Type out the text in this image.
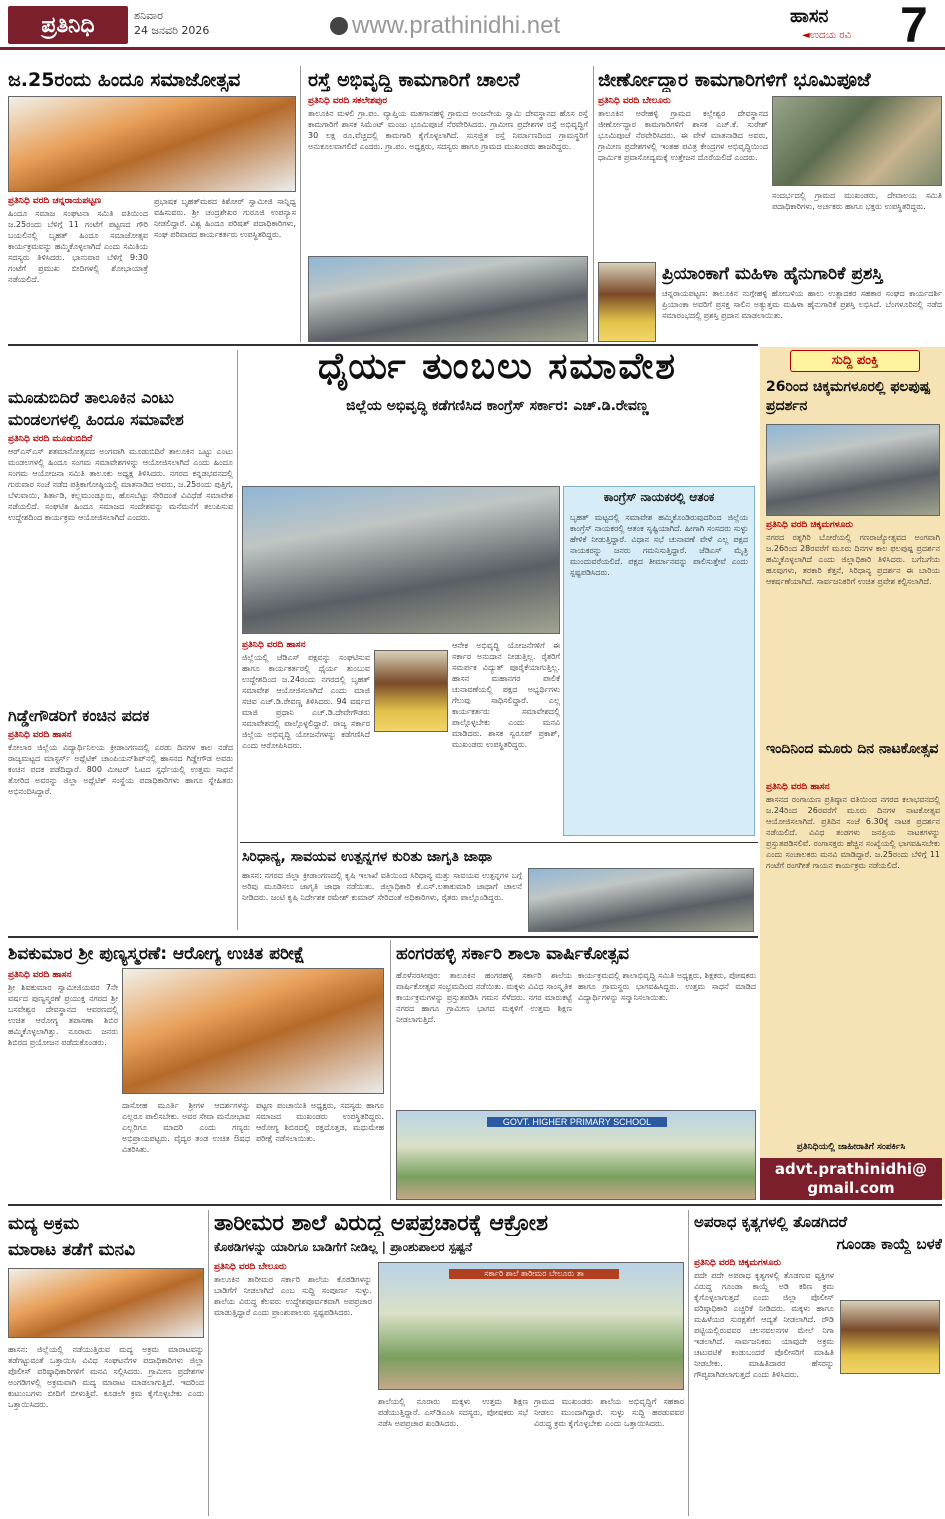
ಪ್ರತಿನಿಧಿ	ಶನಿವಾರ
24 ಜನವರಿ 2026	www.prathinidhi.net	ಹಾಸನ
◄ಉದಯ ರವಿ 7
ಜ.25ರಂದು ಹಿಂದೂ ಸಮಾಜೋತ್ಸವ
ಪ್ರತಿನಿಧಿ ವರದಿ ಚನ್ನರಾಯಪಟ್ಟಣ
ಹಿಂದೂ ಸಮಾಜ ಸಂಘಟನಾ ಸಮಿತಿ ವತಿಯಿಂದ ಜ.25ರಂದು ಬೆಳಿಗ್ಗೆ 11 ಗಂಟೆಗೆ ಪಟ್ಟಣದ ಗೌರಿ ಬಯಲಿನಲ್ಲಿ ಬೃಹತ್ ಹಿಂದೂ ಸಮಾಜೋತ್ಸವ ಕಾರ್ಯಕ್ರಮವನ್ನು ಹಮ್ಮಿಕೊಳ್ಳಲಾಗಿದೆ ಎಂದು ಸಮಿತಿಯ ಸದಸ್ಯರು ತಿಳಿಸಿದರು. ಭಾನುವಾರ ಬೆಳಿಗ್ಗೆ 9:30 ಗಂಟೆಗೆ ಪ್ರಮುಖ ಬೀದಿಗಳಲ್ಲಿ ಶೋಭಾಯಾತ್ರೆ ನಡೆಯಲಿದೆ.
ಪ್ರಭಾಷಕ ಬೃಹತ್‌ಮಠದ ಕಿಶೋರ್ ಸ್ವಾಮೀಜಿ ಸಾನ್ನಿಧ್ಯ ವಹಿಸುವರು. ಶ್ರೀ ಚಂದ್ರಶೇಖರ ಗುರೂಜಿ ಉಪನ್ಯಾಸ ನೀಡಲಿದ್ದಾರೆ. ವಿಶ್ವ ಹಿಂದೂ ಪರಿಷತ್ ಪದಾಧಿಕಾರಿಗಳು, ಸಂಘ ಪರಿವಾರದ ಕಾರ್ಯಕರ್ತರು ಉಪಸ್ಥಿತರಿದ್ದರು.
ರಸ್ತೆ ಅಭಿವೃದ್ಧಿ ಕಾಮಗಾರಿಗೆ ಚಾಲನೆ
ಪ್ರತಿನಿಧಿ ವರದಿ ಸಕಲೇಶಪುರ
ತಾಲೂಕಿನ ಮಳಲಿ ಗ್ರಾ.ಪಂ. ವ್ಯಾಪ್ತಿಯ ಮತಗಾನಹಳ್ಳಿ ಗ್ರಾಮದ ಅಂಜನೇಯ ಸ್ವಾಮಿ ದೇವಸ್ಥಾನದ ಹೊಸ ರಸ್ತೆ ಕಾಮಗಾರಿಗೆ ಶಾಸಕ ಸಿಮೆಂಟ್ ಮಂಜು ಭೂಮಿಪೂಜೆ ನೆರವೇರಿಸಿದರು. ಗ್ರಾಮೀಣ ಪ್ರದೇಶಗಳ ರಸ್ತೆ ಅಭಿವೃದ್ಧಿಗೆ 30 ಲಕ್ಷ ರೂ.ವೆಚ್ಚದಲ್ಲಿ ಕಾಮಗಾರಿ ಕೈಗೊಳ್ಳಲಾಗಿದೆ. ಸುಸಜ್ಜಿತ ರಸ್ತೆ ನಿರ್ಮಾಣದಿಂದ ಗ್ರಾಮಸ್ಥರಿಗೆ ಅನುಕೂಲವಾಗಲಿದೆ ಎಂದರು. ಗ್ರಾ.ಪಂ. ಅಧ್ಯಕ್ಷರು, ಸದಸ್ಯರು ಹಾಗೂ ಗ್ರಾಮದ ಮುಖಂಡರು ಹಾಜರಿದ್ದರು.
ಜೀರ್ಣೋದ್ಧಾರ ಕಾಮಗಾರಿಗಳಿಗೆ ಭೂಮಿಪೂಜೆ
ಪ್ರತಿನಿಧಿ ವರದಿ ಬೇಲೂರು
ತಾಲೂಕಿನ ಅರೇಹಳ್ಳಿ ಗ್ರಾಮದ ಕಲ್ಲೇಶ್ವರ ದೇವಸ್ಥಾನದ ಜೀರ್ಣೋದ್ಧಾರ ಕಾಮಗಾರಿಗಳಿಗೆ ಶಾಸಕ ಎಚ್.ಕೆ. ಸುರೇಶ್ ಭೂಮಿಪೂಜೆ ನೆರವೇರಿಸಿದರು. ಈ ವೇಳೆ ಮಾತನಾಡಿದ ಅವರು, ಗ್ರಾಮೀಣ ಪ್ರದೇಶಗಳಲ್ಲಿ ಇಂತಹ ಪವಿತ್ರ ಕೇಂದ್ರಗಳ ಅಭಿವೃದ್ಧಿಯಿಂದ ಧಾರ್ಮಿಕ ಪ್ರವಾಸೋದ್ಯಮಕ್ಕೆ ಉತ್ತೇಜನ ದೊರೆಯಲಿದೆ ಎಂದರು.
ಸಂದರ್ಭದಲ್ಲಿ ಗ್ರಾಮದ ಮುಖಂಡರು, ದೇವಾಲಯ ಸಮಿತಿ ಪದಾಧಿಕಾರಿಗಳು, ಅರ್ಚಕರು ಹಾಗೂ ಭಕ್ತರು ಉಪಸ್ಥಿತರಿದ್ದರು.
ಪ್ರಿಯಾಂಕಾಗೆ ಮಹಿಳಾ ಹೈನುಗಾರಿಕೆ ಪ್ರಶಸ್ತಿ
ಚನ್ನರಾಯಪಟ್ಟಣ: ತಾಲೂಕಿನ ನುಗ್ಗೇಹಳ್ಳಿ ಹೋಬಳಿಯ ಹಾಲು ಉತ್ಪಾದಕರ ಸಹಕಾರ ಸಂಘದ ಕಾರ್ಯದರ್ಶಿ ಪ್ರಿಯಾಂಕಾ ಅವರಿಗೆ ಪ್ರಸಕ್ತ ಸಾಲಿನ ಅತ್ಯುತ್ತಮ ಮಹಿಳಾ ಹೈನುಗಾರಿಕೆ ಪ್ರಶಸ್ತಿ ಲಭಿಸಿದೆ. ಬೆಂಗಳೂರಿನಲ್ಲಿ ನಡೆದ ಸಮಾರಂಭದಲ್ಲಿ ಪ್ರಶಸ್ತಿ ಪ್ರದಾನ ಮಾಡಲಾಯಿತು.
ಮೂಡುಬಿದಿರೆ ತಾಲೂಕಿನ ಎಂಟು
ಮಂಡಲಗಳಲ್ಲಿ ಹಿಂದೂ ಸಮಾವೇಶ
ಪ್ರತಿನಿಧಿ ವರದಿ ಮೂಡುಬಿದಿರೆ
ಆರ್‌ಎಸ್‌ಎಸ್ ಶತಮಾನೋತ್ಸವದ ಅಂಗವಾಗಿ ಮೂಡುಬಿದಿರೆ ತಾಲೂಕಿನ ಒಟ್ಟು ಎಂಟು ಮಂಡಲಗಳಲ್ಲಿ ಹಿಂದೂ ಸಂಗಮ ಸಮಾವೇಶಗಳನ್ನು ಆಯೋಜಿಸಲಾಗಿದೆ ಎಂದು ಹಿಂದೂ ಸಂಗಮ ಆಯೋಜನಾ ಸಮಿತಿ ತಾಲೂಕು ಅಧ್ಯಕ್ಷ ತಿಳಿಸಿದರು. ನಗರದ ಕನ್ನಡಭವನದಲ್ಲಿ ಗುರುವಾರ ಸಂಜೆ ನಡೆದ ಪತ್ರಿಕಾಗೋಷ್ಠಿಯಲ್ಲಿ ಮಾತನಾಡಿದ ಅವರು, ಜ.25ರಂದು ಪುತ್ತಿಗೆ, ಬೆಳುವಾಯಿ, ಶಿರ್ತಾಡಿ, ಕಲ್ಲಮುಂಡ್ಕೂರು, ಹೊಸಬೆಟ್ಟು ಸೇರಿದಂತೆ ವಿವಿಧೆಡೆ ಸಮಾವೇಶ ನಡೆಯಲಿದೆ. ಸಂಘಟಿತ ಹಿಂದೂ ಸಮಾಜದ ಸಂದೇಶವನ್ನು ಮನೆಮನೆಗೆ ತಲುಪಿಸುವ ಉದ್ದೇಶದಿಂದ ಕಾರ್ಯಕ್ರಮ ಆಯೋಜಿಸಲಾಗಿದೆ ಎಂದರು.
ಗಿಡ್ಡೇಗೌಡರಿಗೆ ಕಂಚಿನ ಪದಕ
ಪ್ರತಿನಿಧಿ ವರದಿ ಹಾಸನ
ಕೋಲಾರ ಜಿಲ್ಲೆಯ ವಿದ್ಯಾರ್ಥಿನಿಲಯ ಕ್ರೀಡಾಂಗಣದಲ್ಲಿ ಎರಡು ದಿನಗಳ ಕಾಲ ನಡೆದ ರಾಜ್ಯಮಟ್ಟದ ಮಾಸ್ಟರ್ಸ್ ಅಥ್ಲೆಟಿಕ್ ಚಾಂಪಿಯನ್‌ಶಿಪ್‌ನಲ್ಲಿ ಹಾಸನದ ಗಿಡ್ಡೇಗೌಡ ಅವರು ಕಂಚಿನ ಪದಕ ಪಡೆದಿದ್ದಾರೆ. 800 ಮೀಟರ್ ಓಟದ ಸ್ಪರ್ಧೆಯಲ್ಲಿ ಉತ್ತಮ ಸಾಧನೆ ತೋರಿದ ಅವರನ್ನು ಜಿಲ್ಲಾ ಅಥ್ಲೆಟಿಕ್ ಸಂಸ್ಥೆಯ ಪದಾಧಿಕಾರಿಗಳು ಹಾಗೂ ಸ್ನೇಹಿತರು ಅಭಿನಂದಿಸಿದ್ದಾರೆ.
ಧೈರ್ಯ ತುಂಬಲು ಸಮಾವೇಶ
ಜಿಲ್ಲೆಯ ಅಭಿವೃದ್ಧಿ ಕಡೆಗಣಿಸಿದ ಕಾಂಗ್ರೆಸ್ ಸರ್ಕಾರ: ಎಚ್.ಡಿ.ರೇವಣ್ಣ
ಪ್ರತಿನಿಧಿ ವರದಿ ಹಾಸನ
ಜಿಲ್ಲೆಯಲ್ಲಿ ಜೆಡಿಎಸ್ ಪಕ್ಷವನ್ನು ಸಂಘಟಿಸುವ ಹಾಗೂ ಕಾರ್ಯಕರ್ತರಲ್ಲಿ ಧೈರ್ಯ ತುಂಬುವ ಉದ್ದೇಶದಿಂದ ಜ.24ರಂದು ನಗರದಲ್ಲಿ ಬೃಹತ್ ಸಮಾವೇಶ ಆಯೋಜಿಸಲಾಗಿದೆ ಎಂದು ಮಾಜಿ ಸಚಿವ ಎಚ್.ಡಿ.ರೇವಣ್ಣ ತಿಳಿಸಿದರು. 94 ವರ್ಷದ ಮಾಜಿ ಪ್ರಧಾನಿ ಎಚ್.ಡಿ.ದೇವೇಗೌಡರು ಸಮಾವೇಶದಲ್ಲಿ ಪಾಲ್ಗೊಳ್ಳಲಿದ್ದಾರೆ. ರಾಜ್ಯ ಸರ್ಕಾರ ಜಿಲ್ಲೆಯ ಅಭಿವೃದ್ಧಿ ಯೋಜನೆಗಳನ್ನು ಕಡೆಗಣಿಸಿದೆ ಎಂದು ಆರೋಪಿಸಿದರು.
ಆನೇಕ ಅಭಿವೃದ್ಧಿ ಯೋಜನೆಗಳಿಗೆ ಈ ಸರ್ಕಾರ ಅನುದಾನ ನೀಡುತ್ತಿಲ್ಲ. ರೈತರಿಗೆ ಸಮರ್ಪಕ ವಿದ್ಯುತ್ ಪೂರೈಕೆಯಾಗುತ್ತಿಲ್ಲ. ಹಾಸನ ಮಹಾನಗರ ಪಾಲಿಕೆ ಚುನಾವಣೆಯಲ್ಲಿ ಪಕ್ಷದ ಅಭ್ಯರ್ಥಿಗಳು ಗೆಲುವು ಸಾಧಿಸಲಿದ್ದಾರೆ. ಎಲ್ಲ ಕಾರ್ಯಕರ್ತರು ಸಮಾವೇಶದಲ್ಲಿ ಪಾಲ್ಗೊಳ್ಳಬೇಕು ಎಂದು ಮನವಿ ಮಾಡಿದರು. ಶಾಸಕ ಸ್ವರೂಪ್ ಪ್ರಕಾಶ್, ಮುಖಂಡರು ಉಪಸ್ಥಿತರಿದ್ದರು.
ಕಾಂಗ್ರೆಸ್ ನಾಯಕರಲ್ಲಿ ಆತಂಕ
ಬೃಹತ್ ಮಟ್ಟದಲ್ಲಿ ಸಮಾವೇಶ ಹಮ್ಮಿಕೊಂಡಿರುವುದರಿಂದ ಜಿಲ್ಲೆಯ ಕಾಂಗ್ರೆಸ್ ನಾಯಕರಲ್ಲಿ ಆತಂಕ ಸೃಷ್ಟಿಯಾಗಿದೆ. ಹೀಗಾಗಿ ಸಂಸದರು ಸುಳ್ಳು ಹೇಳಿಕೆ ನೀಡುತ್ತಿದ್ದಾರೆ. ವಿಧಾನ ಸಭೆ ಚುನಾವಣೆ ವೇಳೆ ಎಲ್ಲ ಪಕ್ಷದ ನಾಯಕರನ್ನು ಜನರು ಗಮನಿಸುತ್ತಿದ್ದಾರೆ. ಜೆಡಿಎಸ್ ಮೈತ್ರಿ ಮುಂದುವರೆಯಲಿದೆ. ಪಕ್ಷದ ತೀರ್ಮಾನವನ್ನು ಪಾಲಿಸುತ್ತೇವೆ ಎಂದು ಸ್ಪಷ್ಟಪಡಿಸಿದರು.
ಸಿರಿಧಾನ್ಯ, ಸಾವಯವ ಉತ್ಪನ್ನಗಳ ಕುರಿತು ಜಾಗೃತಿ ಜಾಥಾ
ಹಾಸನ: ನಗರದ ಜಿಲ್ಲಾ ಕ್ರೀಡಾಂಗಣದಲ್ಲಿ ಕೃಷಿ ಇಲಾಖೆ ವತಿಯಿಂದ ಸಿರಿಧಾನ್ಯ ಮತ್ತು ಸಾವಯವ ಉತ್ಪನ್ನಗಳ ಬಗ್ಗೆ ಅರಿವು ಮೂಡಿಸಲು ಜಾಗೃತಿ ಜಾಥಾ ನಡೆಯಿತು. ಜಿಲ್ಲಾಧಿಕಾರಿ ಕೆ.ಎಸ್.ಲತಾಕುಮಾರಿ ಜಾಥಾಗೆ ಚಾಲನೆ ನೀಡಿದರು. ಜಂಟಿ ಕೃಷಿ ನಿರ್ದೇಶಕ ರಮೇಶ್ ಕುಮಾರ್ ಸೇರಿದಂತೆ ಅಧಿಕಾರಿಗಳು, ರೈತರು ಪಾಲ್ಗೊಂಡಿದ್ದರು.
ಶಿವಕುಮಾರ ಶ್ರೀ ಪುಣ್ಯಸ್ಮರಣೆ: ಆರೋಗ್ಯ ಉಚಿತ ಪರೀಕ್ಷೆ
ಪ್ರತಿನಿಧಿ ವರದಿ ಹಾಸನ
ಶ್ರೀ ಶಿವಕುಮಾರ ಸ್ವಾಮೀಜಿಯವರ 7ನೇ ವರ್ಷದ ಪುಣ್ಯಸ್ಮರಣೆ ಪ್ರಯುಕ್ತ ನಗರದ ಶ್ರೀ ಬಸವೇಶ್ವರ ದೇವಸ್ಥಾನದ ಆವರಣದಲ್ಲಿ ಉಚಿತ ಆರೋಗ್ಯ ತಪಾಸಣಾ ಶಿಬಿರ ಹಮ್ಮಿಕೊಳ್ಳಲಾಗಿತ್ತು. ನೂರಾರು ಜನರು ಶಿಬಿರದ ಪ್ರಯೋಜನ ಪಡೆದುಕೊಂಡರು.
ದಾಸೋಹ ಮೂರ್ತಿ ಶ್ರೀಗಳ ಆದರ್ಶಗಳನ್ನು ಎಲ್ಲರೂ ಪಾಲಿಸಬೇಕು. ಅವರ ಸೇವಾ ಮನೋಭಾವ ಎಲ್ಲರಿಗೂ ಮಾದರಿ ಎಂದು ಗಣ್ಯರು ಅಭಿಪ್ರಾಯಪಟ್ಟರು. ವೈದ್ಯರ ತಂಡ ಉಚಿತ ಔಷಧ ವಿತರಿಸಿತು.
ಪಟ್ಟಣ ಪಂಚಾಯಿತಿ ಅಧ್ಯಕ್ಷರು, ಸದಸ್ಯರು ಹಾಗೂ ಸಮಾಜದ ಮುಖಂಡರು ಉಪಸ್ಥಿತರಿದ್ದರು. ಆರೋಗ್ಯ ಶಿಬಿರದಲ್ಲಿ ರಕ್ತದೊತ್ತಡ, ಮಧುಮೇಹ ಪರೀಕ್ಷೆ ನಡೆಸಲಾಯಿತು.
ಹಂಗರಹಳ್ಳಿ ಸರ್ಕಾರಿ ಶಾಲಾ ವಾರ್ಷಿಕೋತ್ಸವ
ಹೊಳೆನರಸೀಪುರ: ತಾಲೂಕಿನ ಹಂಗರಹಳ್ಳಿ ಸರ್ಕಾರಿ ಶಾಲೆಯ ವಾರ್ಷಿಕೋತ್ಸವ ಸಂಭ್ರಮದಿಂದ ನಡೆಯಿತು. ಮಕ್ಕಳು ವಿವಿಧ ಸಾಂಸ್ಕೃತಿಕ ಕಾರ್ಯಕ್ರಮಗಳನ್ನು ಪ್ರಸ್ತುತಪಡಿಸಿ ಗಮನ ಸೆಳೆದರು. ನಗರ ಮಾರುಕಟ್ಟೆ ನಗರದ ಹಾಗೂ ಗ್ರಾಮೀಣ ಭಾಗದ ಮಕ್ಕಳಿಗೆ ಉತ್ತಮ ಶಿಕ್ಷಣ ನೀಡಲಾಗುತ್ತಿದೆ.
ಕಾರ್ಯಕ್ರಮದಲ್ಲಿ ಶಾಲಾಭಿವೃದ್ಧಿ ಸಮಿತಿ ಅಧ್ಯಕ್ಷರು, ಶಿಕ್ಷಕರು, ಪೋಷಕರು ಹಾಗೂ ಗ್ರಾಮಸ್ಥರು ಭಾಗವಹಿಸಿದ್ದರು. ಉತ್ತಮ ಸಾಧನೆ ಮಾಡಿದ ವಿದ್ಯಾರ್ಥಿಗಳನ್ನು ಸನ್ಮಾನಿಸಲಾಯಿತು.
GOVT. HIGHER PRIMARY SCHOOL
ಸುದ್ದಿ ಪಂಕ್ತಿ
26ರಿಂದ ಚಿಕ್ಕಮಗಳೂರಲ್ಲಿ ಫಲಪುಷ್ಪ ಪ್ರದರ್ಶನ
ಪ್ರತಿನಿಧಿ ವರದಿ ಚಿಕ್ಕಮಗಳೂರು
ನಗರದ ರತ್ನಗಿರಿ ಬೋರೆಯಲ್ಲಿ ಗಣರಾಜ್ಯೋತ್ಸವದ ಅಂಗವಾಗಿ ಜ.26ರಿಂದ 28ರವರೆಗೆ ಮೂರು ದಿನಗಳ ಕಾಲ ಫಲಪುಷ್ಪ ಪ್ರದರ್ಶನ ಹಮ್ಮಿಕೊಳ್ಳಲಾಗಿದೆ ಎಂದು ಜಿಲ್ಲಾಧಿಕಾರಿ ತಿಳಿಸಿದರು. ಬಗೆಬಗೆಯ ಹೂವುಗಳು, ತರಕಾರಿ ಕೆತ್ತನೆ, ಸಿರಿಧಾನ್ಯ ಪ್ರದರ್ಶನ ಈ ಬಾರಿಯ ಆಕರ್ಷಣೆಯಾಗಿದೆ. ಸಾರ್ವಜನಿಕರಿಗೆ ಉಚಿತ ಪ್ರವೇಶ ಕಲ್ಪಿಸಲಾಗಿದೆ.
ಇಂದಿನಿಂದ ಮೂರು ದಿನ ನಾಟಕೋತ್ಸವ
ಪ್ರತಿನಿಧಿ ವರದಿ ಹಾಸನ
ಹಾಸನದ ರಂಗಾಯಣ ಪ್ರತಿಷ್ಠಾನ ವತಿಯಿಂದ ನಗರದ ಕಲಾಭವನದಲ್ಲಿ ಜ.24ರಿಂದ 26ರವರೆಗೆ ಮೂರು ದಿನಗಳ ನಾಟಕೋತ್ಸವ ಆಯೋಜಿಸಲಾಗಿದೆ. ಪ್ರತಿದಿನ ಸಂಜೆ 6.30ಕ್ಕೆ ನಾಟಕ ಪ್ರದರ್ಶನ ನಡೆಯಲಿದೆ. ವಿವಿಧ ತಂಡಗಳು ಜನಪ್ರಿಯ ನಾಟಕಗಳನ್ನು ಪ್ರಸ್ತುತಪಡಿಸಲಿವೆ. ರಂಗಾಸಕ್ತರು ಹೆಚ್ಚಿನ ಸಂಖ್ಯೆಯಲ್ಲಿ ಭಾಗವಹಿಸಬೇಕು ಎಂದು ಸಂಚಾಲಕರು ಮನವಿ ಮಾಡಿದ್ದಾರೆ. ಜ.25ರಂದು ಬೆಳಿಗ್ಗೆ 11 ಗಂಟೆಗೆ ರಂಗಗೀತೆ ಗಾಯನ ಕಾರ್ಯಕ್ರಮ ನಡೆಯಲಿದೆ.
ಪ್ರತಿನಿಧಿಯಲ್ಲಿ ಜಾಹೀರಾತಿಗೆ ಸಂಪರ್ಕಿಸಿ
advt.prathinidhi@
gmail.com
ಮದ್ಯ ಅಕ್ರಮ
ಮಾರಾಟ ತಡೆಗೆ ಮನವಿ
ಹಾಸನ: ಜಿಲ್ಲೆಯಲ್ಲಿ ನಡೆಯುತ್ತಿರುವ ಮದ್ಯ ಅಕ್ರಮ ಮಾರಾಟವನ್ನು ತಡೆಗಟ್ಟುವಂತೆ ಒತ್ತಾಯಿಸಿ ವಿವಿಧ ಸಂಘಟನೆಗಳ ಪದಾಧಿಕಾರಿಗಳು ಜಿಲ್ಲಾ ಪೊಲೀಸ್ ವರಿಷ್ಠಾಧಿಕಾರಿಗಳಿಗೆ ಮನವಿ ಸಲ್ಲಿಸಿದರು. ಗ್ರಾಮೀಣ ಪ್ರದೇಶಗಳ ಅಂಗಡಿಗಳಲ್ಲಿ ಅಕ್ರಮವಾಗಿ ಮದ್ಯ ಮಾರಾಟ ಮಾಡಲಾಗುತ್ತಿದೆ. ಇದರಿಂದ ಕುಟುಂಬಗಳು ಬೀದಿಗೆ ಬೀಳುತ್ತಿವೆ. ಕೂಡಲೇ ಕ್ರಮ ಕೈಗೊಳ್ಳಬೇಕು ಎಂದು ಒತ್ತಾಯಿಸಿದರು.
ತಾರೀಮರ ಶಾಲೆ ವಿರುದ್ಧ ಅಪಪ್ರಚಾರಕ್ಕೆ ಆಕ್ರೋಶ
ಕೊಠಡಿಗಳನ್ನು ಯಾರಿಗೂ ಬಾಡಿಗೆಗೆ ನೀಡಿಲ್ಲ | ಪ್ರಾಂಶುಪಾಲರ ಸ್ಪಷ್ಟನೆ
ಪ್ರತಿನಿಧಿ ವರದಿ ಬೇಲೂರು
ತಾಲೂಕಿನ ತಾರೀಮರ ಸರ್ಕಾರಿ ಶಾಲೆಯ ಕೊಠಡಿಗಳನ್ನು ಬಾಡಿಗೆಗೆ ನೀಡಲಾಗಿದೆ ಎಂಬ ಸುದ್ದಿ ಸಂಪೂರ್ಣ ಸುಳ್ಳು. ಶಾಲೆಯ ವಿರುದ್ಧ ಕೆಲವರು ಉದ್ದೇಶಪೂರ್ವಕವಾಗಿ ಅಪಪ್ರಚಾರ ಮಾಡುತ್ತಿದ್ದಾರೆ ಎಂದು ಪ್ರಾಂಶುಪಾಲರು ಸ್ಪಷ್ಟಪಡಿಸಿದರು.
ಸರ್ಕಾರಿ ಶಾಲೆ ತಾರೀಮರ ಬೇಲೂರು ತಾ
ಶಾಲೆಯಲ್ಲಿ ನೂರಾರು ಮಕ್ಕಳು ಉತ್ತಮ ಶಿಕ್ಷಣ ಪಡೆಯುತ್ತಿದ್ದಾರೆ. ಎಸ್‌ಡಿಎಂಸಿ ಸದಸ್ಯರು, ಪೋಷಕರು ಸಭೆ ನಡೆಸಿ ಅಪಪ್ರಚಾರ ಖಂಡಿಸಿದರು.
ಗ್ರಾಮದ ಮುಖಂಡರು ಶಾಲೆಯ ಅಭಿವೃದ್ಧಿಗೆ ಸಹಕಾರ ನೀಡಲು ಮುಂದಾಗಿದ್ದಾರೆ. ಸುಳ್ಳು ಸುದ್ದಿ ಹರಡುವವರ ವಿರುದ್ಧ ಕ್ರಮ ಕೈಗೊಳ್ಳಬೇಕು ಎಂದು ಒತ್ತಾಯಿಸಿದರು.
ಅಪರಾಧ ಕೃತ್ಯಗಳಲ್ಲಿ ತೊಡಗಿದರೆ
ಗೂಂಡಾ ಕಾಯ್ದೆ ಬಳಕೆ
ಪ್ರತಿನಿಧಿ ವರದಿ ಚಿಕ್ಕಮಗಳೂರು
ಪದೇ ಪದೇ ಅಪರಾಧ ಕೃತ್ಯಗಳಲ್ಲಿ ತೊಡಗುವ ವ್ಯಕ್ತಿಗಳ ವಿರುದ್ಧ ಗೂಂಡಾ ಕಾಯ್ದೆ ಅಡಿ ಕಠಿಣ ಕ್ರಮ ಕೈಗೊಳ್ಳಲಾಗುತ್ತದೆ ಎಂದು ಜಿಲ್ಲಾ ಪೊಲೀಸ್ ವರಿಷ್ಠಾಧಿಕಾರಿ ಎಚ್ಚರಿಕೆ ನೀಡಿದರು. ಮಕ್ಕಳು ಹಾಗೂ ಮಹಿಳೆಯರ ಸುರಕ್ಷತೆಗೆ ಆದ್ಯತೆ ನೀಡಲಾಗಿದೆ. ರೌಡಿ ಪಟ್ಟಿಯಲ್ಲಿರುವವರ ಚಲನವಲನಗಳ ಮೇಲೆ ನಿಗಾ ಇಡಲಾಗಿದೆ. ಸಾರ್ವಜನಿಕರು ಯಾವುದೇ ಅಕ್ರಮ ಚಟುವಟಿಕೆ ಕಂಡುಬಂದರೆ ಪೊಲೀಸರಿಗೆ ಮಾಹಿತಿ ನೀಡಬೇಕು. ಮಾಹಿತಿದಾರರ ಹೆಸರನ್ನು ಗೌಪ್ಯವಾಗಿಡಲಾಗುತ್ತದೆ ಎಂದು ತಿಳಿಸಿದರು.
